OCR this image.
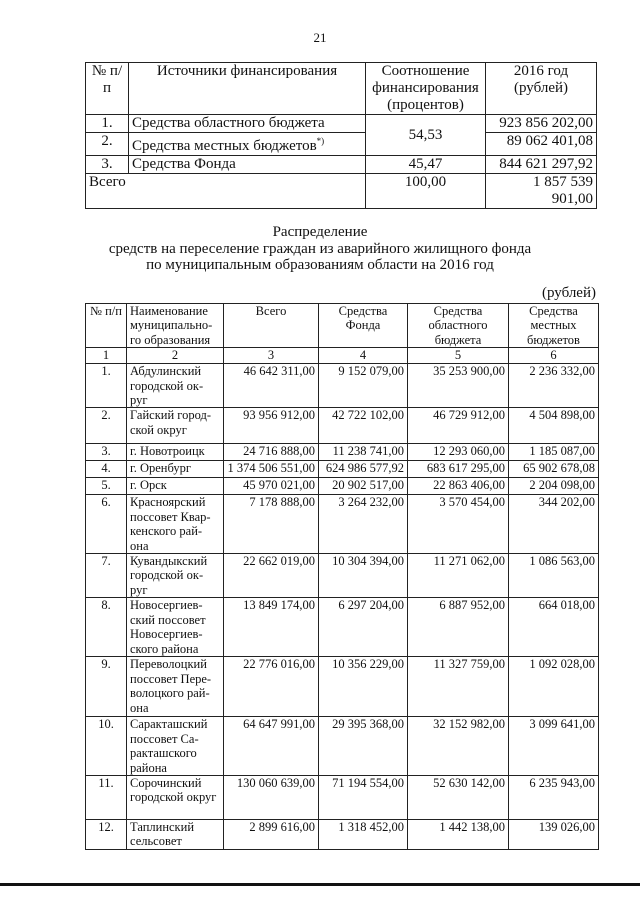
21
№ п/п	Источники финансирования	Соотношение финансирования (процентов)	2016 год (рублей)
1.	Средства областного бюджета	54,53	923 856 202,00
2.	Средства местных бюджетов*)		89 062 401,08
3.	Средства Фонда	45,47	844 621 297,92
Всего		100,00	1 857 539 901,00
Распределение
средств на переселение граждан из аварийного жилищного фонда
по муниципальным образованиям области на 2016 год
(рублей)
№ п/п	Наименование муниципально-го образования	Всего	Средства Фонда	Средства областного бюджета	Средства местных бюджетов
1	2	3	4	5	6
1.	Абдулинский городской ок-руг	46 642 311,00	9 152 079,00	35 253 900,00	2 236 332,00
2.	Гайский город-ской округ	93 956 912,00	42 722 102,00	46 729 912,00	4 504 898,00
3.	г. Новотроицк	24 716 888,00	11 238 741,00	12 293 060,00	1 185 087,00
4.	г. Оренбург	1 374 506 551,00	624 986 577,92	683 617 295,00	65 902 678,08
5.	г. Орск	45 970 021,00	20 902 517,00	22 863 406,00	2 204 098,00
6.	Красноярский поссовет Квар-кенского рай-она	7 178 888,00	3 264 232,00	3 570 454,00	344 202,00
7.	Кувандыкский городской ок-руг	22 662 019,00	10 304 394,00	11 271 062,00	1 086 563,00
8.	Новосергиев-ский поссовет Новосергиев-ского района	13 849 174,00	6 297 204,00	6 887 952,00	664 018,00
9.	Переволоцкий поссовет Пере-волоцкого рай-она	22 776 016,00	10 356 229,00	11 327 759,00	1 092 028,00
10.	Саракташский поссовет Са-ракташского района	64 647 991,00	29 395 368,00	32 152 982,00	3 099 641,00
11.	Сорочинский городской округ	130 060 639,00	71 194 554,00	52 630 142,00	6 235 943,00
12.	Таплинский сельсовет	2 899 616,00	1 318 452,00	1 442 138,00	139 026,00
